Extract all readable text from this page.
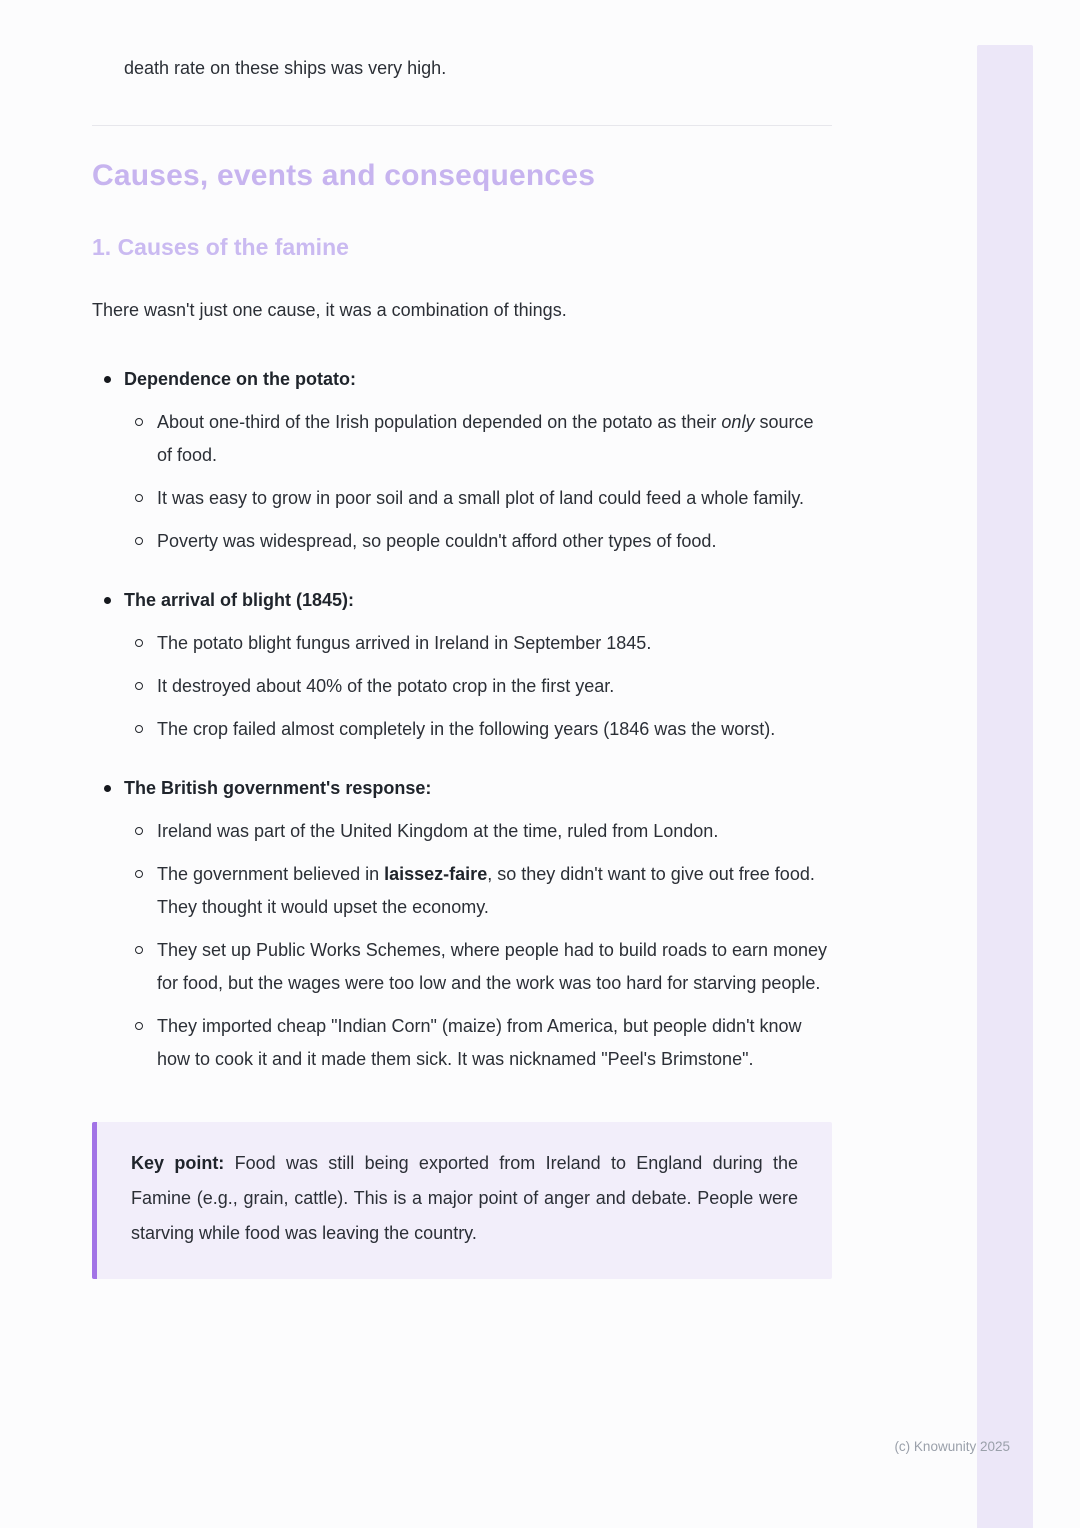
death rate on these ships was very high.
Causes, events and consequences
1. Causes of the famine

There wasn't just one cause, it was a combination of things.

Dependence on the potato:
About one-third of the Irish population depended on the potato as their only source of food.
It was easy to grow in poor soil and a small plot of land could feed a whole family.
Poverty was widespread, so people couldn't afford other types of food.
The arrival of blight (1845):
The potato blight fungus arrived in Ireland in September 1845.
It destroyed about 40% of the potato crop in the first year.
The crop failed almost completely in the following years (1846 was the worst).
The British government's response:
Ireland was part of the United Kingdom at the time, ruled from London.
The government believed in laissez-faire, so they didn't want to give out free food. They thought it would upset the economy.
They set up Public Works Schemes, where people had to build roads to earn money for food, but the wages were too low and the work was too hard for starving people.
They imported cheap "Indian Corn" (maize) from America, but people didn't know how to cook it and it made them sick. It was nicknamed "Peel's Brimstone".

Key point: Food was still being exported from Ireland to England during the Famine (e.g., grain, cattle). This is a major point of anger and debate. People were starving while food was leaving the country.

(c) Knowunity 2025
